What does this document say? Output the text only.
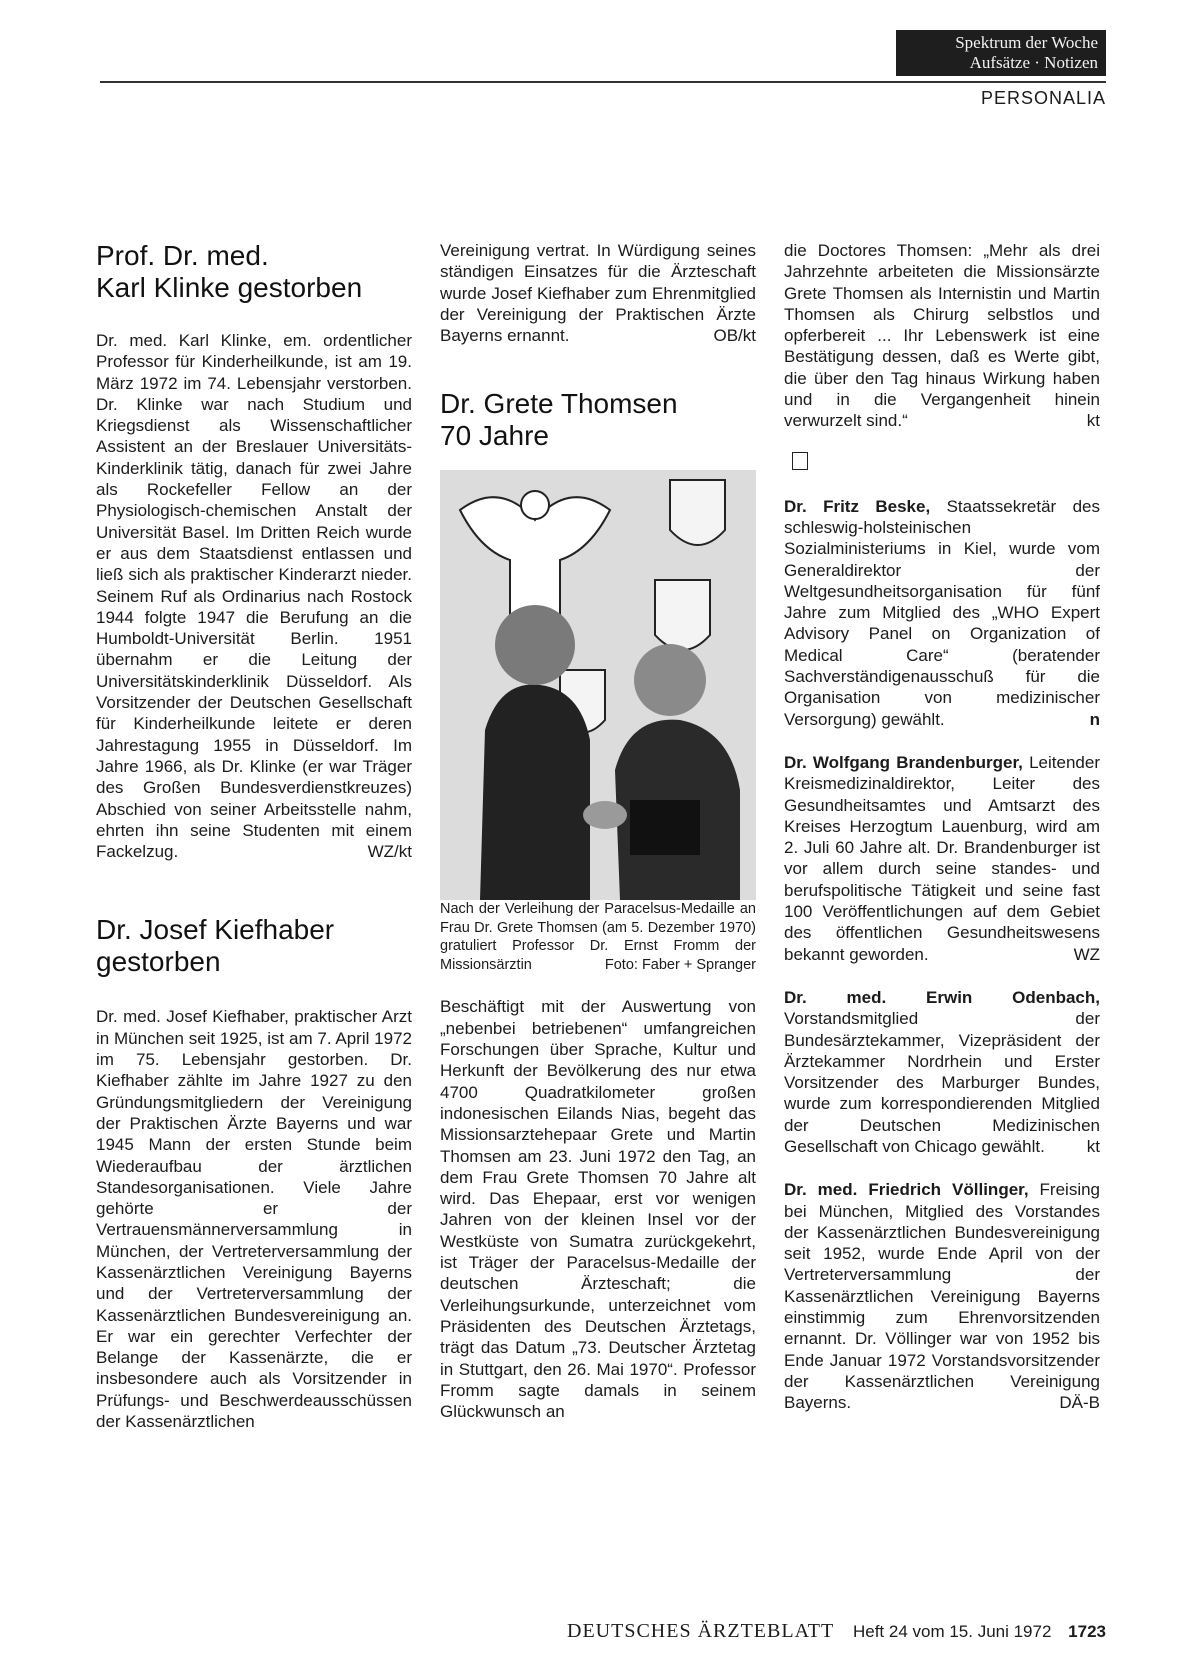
Spektrum der Woche
Aufsätze · Notizen
PERSONALIA
Prof. Dr. med.
Karl Klinke gestorben

Dr. med. Karl Klinke, em. ordentlicher Professor für Kinderheilkunde, ist am 19. März 1972 im 74. Lebensjahr verstorben. Dr. Klinke war nach Studium und Kriegsdienst als Wissenschaftlicher Assistent an der Breslauer Universitäts-Kinderklinik tätig, danach für zwei Jahre als Rockefeller Fellow an der Physiologisch-chemischen Anstalt der Universität Basel. Im Dritten Reich wurde er aus dem Staatsdienst entlassen und ließ sich als praktischer Kinderarzt nieder. Seinem Ruf als Ordinarius nach Rostock 1944 folgte 1947 die Berufung an die Humboldt-Universität Berlin. 1951 übernahm er die Leitung der Universitätskinderklinik Düsseldorf. Als Vorsitzender der Deutschen Gesellschaft für Kinderheilkunde leitete er deren Jahrestagung 1955 in Düsseldorf. Im Jahre 1966, als Dr. Klinke (er war Träger des Großen Bundesverdienstkreuzes) Abschied von seiner Arbeitsstelle nahm, ehrten ihn seine Studenten mit einem Fackelzug.	WZ/kt

Dr. Josef Kiefhaber
gestorben

Dr. med. Josef Kiefhaber, praktischer Arzt in München seit 1925, ist am 7. April 1972 im 75. Lebensjahr gestorben. Dr. Kiefhaber zählte im Jahre 1927 zu den Gründungsmitgliedern der Vereinigung der Praktischen Ärzte Bayerns und war 1945 Mann der ersten Stunde beim Wiederaufbau der ärztlichen Standesorganisationen. Viele Jahre gehörte er der Vertrauensmännerversammlung in München, der Vertreterversammlung der Kassenärztlichen Vereinigung Bayerns und der Vertreterversammlung der Kassenärztlichen Bundesvereinigung an. Er war ein gerechter Verfechter der Belange der Kassenärzte, die er insbesondere auch als Vorsitzender in Prüfungs- und Beschwerdeausschüssen der Kassenärztlichen

Vereinigung vertrat. In Würdigung seines ständigen Einsatzes für die Ärzteschaft wurde Josef Kiefhaber zum Ehrenmitglied der Vereinigung der Praktischen Ärzte Bayerns ernannt.	OB/kt

Dr. Grete Thomsen
70 Jahre

Nach der Verleihung der Paracelsus-Medaille an Frau Dr. Grete Thomsen (am 5. Dezember 1970) gratuliert Professor Dr. Ernst Fromm der Missionsärztin	Foto: Faber + Spranger

Beschäftigt mit der Auswertung von „nebenbei betriebenen“ umfangreichen Forschungen über Sprache, Kultur und Herkunft der Bevölkerung des nur etwa 4700 Quadratkilometer großen indonesischen Eilands Nias, begeht das Missionsarztehepaar Grete und Martin Thomsen am 23. Juni 1972 den Tag, an dem Frau Grete Thomsen 70 Jahre alt wird. Das Ehepaar, erst vor wenigen Jahren von der kleinen Insel vor der Westküste von Sumatra zurückgekehrt, ist Träger der Paracelsus-Medaille der deutschen Ärzteschaft; die Verleihungsurkunde, unterzeichnet vom Präsidenten des Deutschen Ärztetags, trägt das Datum „73. Deutscher Ärztetag in Stuttgart, den 26. Mai 1970“. Professor Fromm sagte damals in seinem Glückwunsch an

die Doctores Thomsen: „Mehr als drei Jahrzehnte arbeiteten die Missionsärzte Grete Thomsen als Internistin und Martin Thomsen als Chirurg selbstlos und opferbereit ... Ihr Lebenswerk ist eine Bestätigung dessen, daß es Werte gibt, die über den Tag hinaus Wirkung haben und in die Vergangenheit hinein verwurzelt sind.“	kt

Dr. Fritz Beske, Staatssekretär des schleswig-holsteinischen Sozialministeriums in Kiel, wurde vom Generaldirektor der Weltgesundheitsorganisation für fünf Jahre zum Mitglied des „WHO Expert Advisory Panel on Organization of Medical Care“ (beratender Sachverständigenausschuß für die Organisation von medizinischer Versorgung) gewählt.	n

Dr. Wolfgang Brandenburger, Leitender Kreismedizinaldirektor, Leiter des Gesundheitsamtes und Amtsarzt des Kreises Herzogtum Lauenburg, wird am 2. Juli 60 Jahre alt. Dr. Brandenburger ist vor allem durch seine standes- und berufspolitische Tätigkeit und seine fast 100 Veröffentlichungen auf dem Gebiet des öffentlichen Gesundheitswesens bekannt geworden.	WZ

Dr. med. Erwin Odenbach, Vorstandsmitglied der Bundesärztekammer, Vizepräsident der Ärztekammer Nordrhein und Erster Vorsitzender des Marburger Bundes, wurde zum korrespondierenden Mitglied der Deutschen Medizinischen Gesellschaft von Chicago gewählt. kt

Dr. med. Friedrich Völlinger, Freising bei München, Mitglied des Vorstandes der Kassenärztlichen Bundesvereinigung seit 1952, wurde Ende April von der Vertreterversammlung der Kassenärztlichen Vereinigung Bayerns einstimmig zum Ehrenvorsitzenden ernannt. Dr. Völlinger war von 1952 bis Ende Januar 1972 Vorstandsvorsitzender der Kassenärztlichen Vereinigung Bayerns.	DÄ-B

DEUTSCHES ÄRZTEBLATT Heft 24 vom 15. Juni 1972 1723
